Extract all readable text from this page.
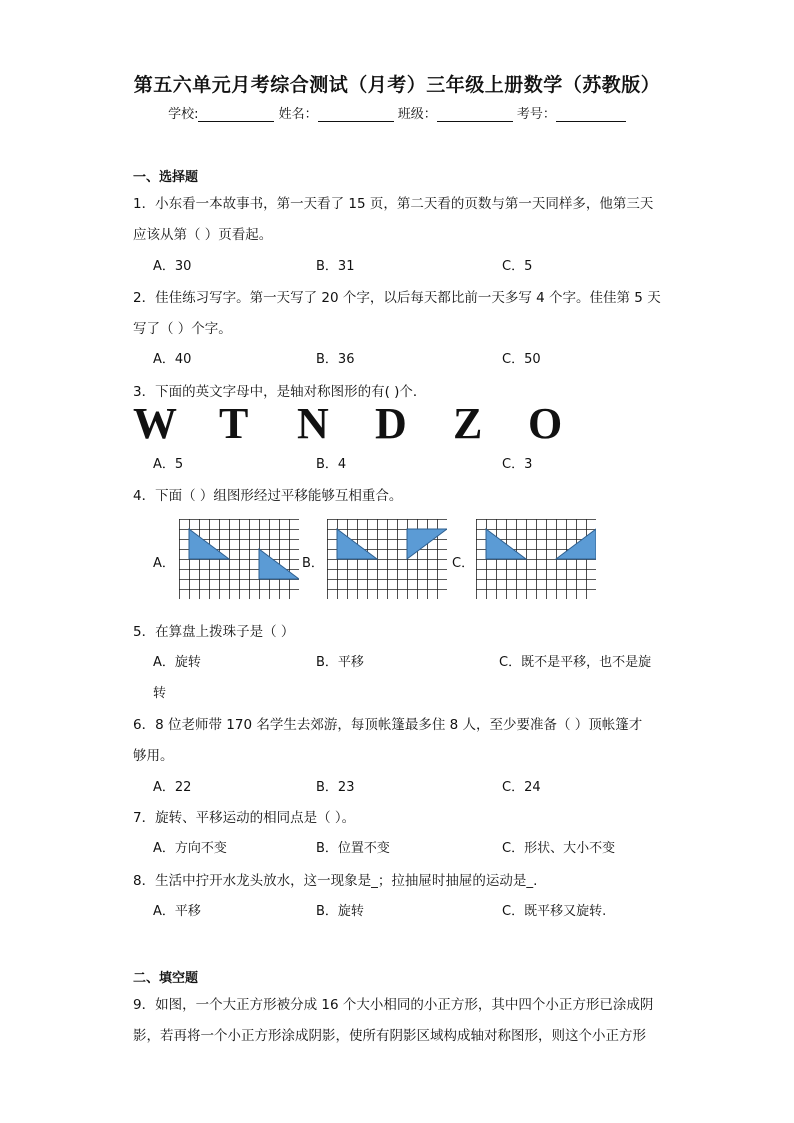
第五六单元月考综合测试（月考）三年级上册数学（苏教版）
学校:	姓名：	班级：	考号：
一、选择题
1．小东看一本故事书，第一天看了 15 页，第二天看的页数与第一天同样多，他第三天
应该从第（ ）页看起。
A．30	B．31	C．5
2．佳佳练习写字。第一天写了 20 个字，以后每天都比前一天多写 4 个字。佳佳第 5 天
写了（ ）个字。
A．40	B．36	C．50
3．下面的英文字母中，是轴对称图形的有( )个．
W T N D Z O
A．5	B．4	C．3
4．下面（ ）组图形经过平移能够互相重合。
A．	B．	C．
5．在算盘上拨珠子是（ ）
A．旋转	B．平移	C．既不是平移，也不是旋
转
6．8 位老师带 170 名学生去郊游，每顶帐篷最多住 8 人，至少要准备（ ）顶帐篷才
够用。
A．22	B．23	C．24
7．旋转、平移运动的相同点是（ ）。
A．方向不变	B．位置不变	C．形状、大小不变
8．生活中拧开水龙头放水，这一现象是_；拉抽屉时抽屉的运动是_.
A．平移	B．旋转	C．既平移又旋转.
二、填空题
9．如图，一个大正方形被分成 16 个大小相同的小正方形，其中四个小正方形已涂成阴
影，若再将一个小正方形涂成阴影，使所有阴影区域构成轴对称图形，则这个小正方形
